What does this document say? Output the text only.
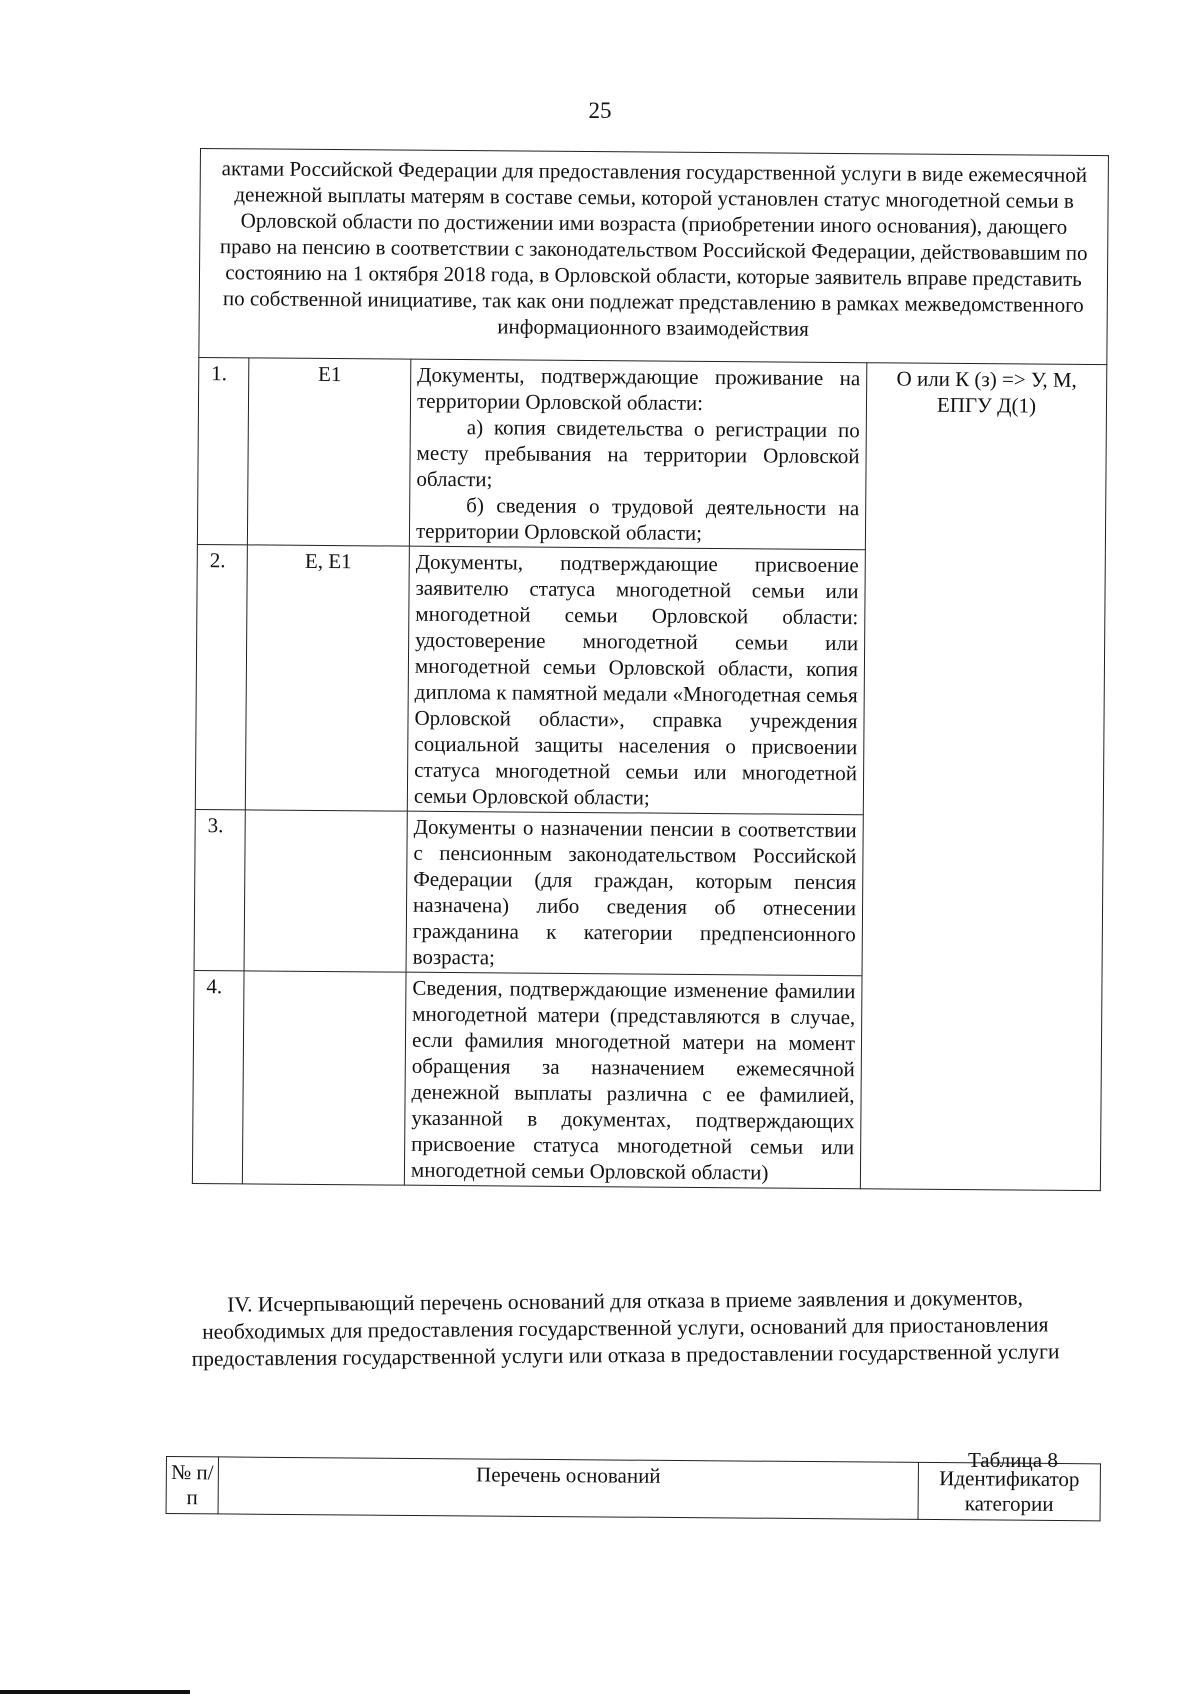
25
актами Российской Федерации для предоставления государственной услуги в виде ежемесячной денежной выплаты матерям в составе семьи, которой установлен статус многодетной семьи в Орловской области по достижении ими возраста (приобретении иного основания), дающего право на пенсию в соответствии с законодательством Российской Федерации, действовавшим по состоянию на 1 октября 2018 года, в Орловской области, которые заявитель вправе представить по собственной инициативе, так как они подлежат представлению в рамках межведомственного информационного взаимодействия			
1.	Е1	Документы, подтверждающие проживание на территории Орловской области:
а) копия свидетельства о регистрации по месту пребывания на территории Орловской области;
б) сведения о трудовой деятельности на территории Орловской области;	О или К (з) => У, М, ЕПГУ Д(1)
2.	Е, Е1	Документы, подтверждающие присвоение заявителю статуса многодетной семьи или многодетной семьи Орловской области: удостоверение многодетной семьи или многодетной семьи Орловской области, копия диплома к памятной медали «Многодетная семья Орловской области», справка учреждения социальной защиты населения о присвоении статуса многодетной семьи или многодетной семьи Орловской области;	
3.		Документы о назначении пенсии в соответствии с пенсионным законодательством Российской Федерации (для граждан, которым пенсия назначена) либо сведения об отнесении гражданина к категории предпенсионного возраста;	
4.		Сведения, подтверждающие изменение фамилии многодетной матери (представляются в случае, если фамилия многодетной матери на момент обращения за назначением ежемесячной денежной выплаты различна с ее фамилией, указанной в документах, подтверждающих присвоение статуса многодетной семьи или многодетной семьи Орловской области)	
IV. Исчерпывающий перечень оснований для отказа в приеме заявления и документов, необходимых для предоставления государственной услуги, оснований для приостановления предоставления государственной услуги или отказа в предоставлении государственной услуги
Таблица 8
№ п/п	Перечень оснований	Идентификатор категории
